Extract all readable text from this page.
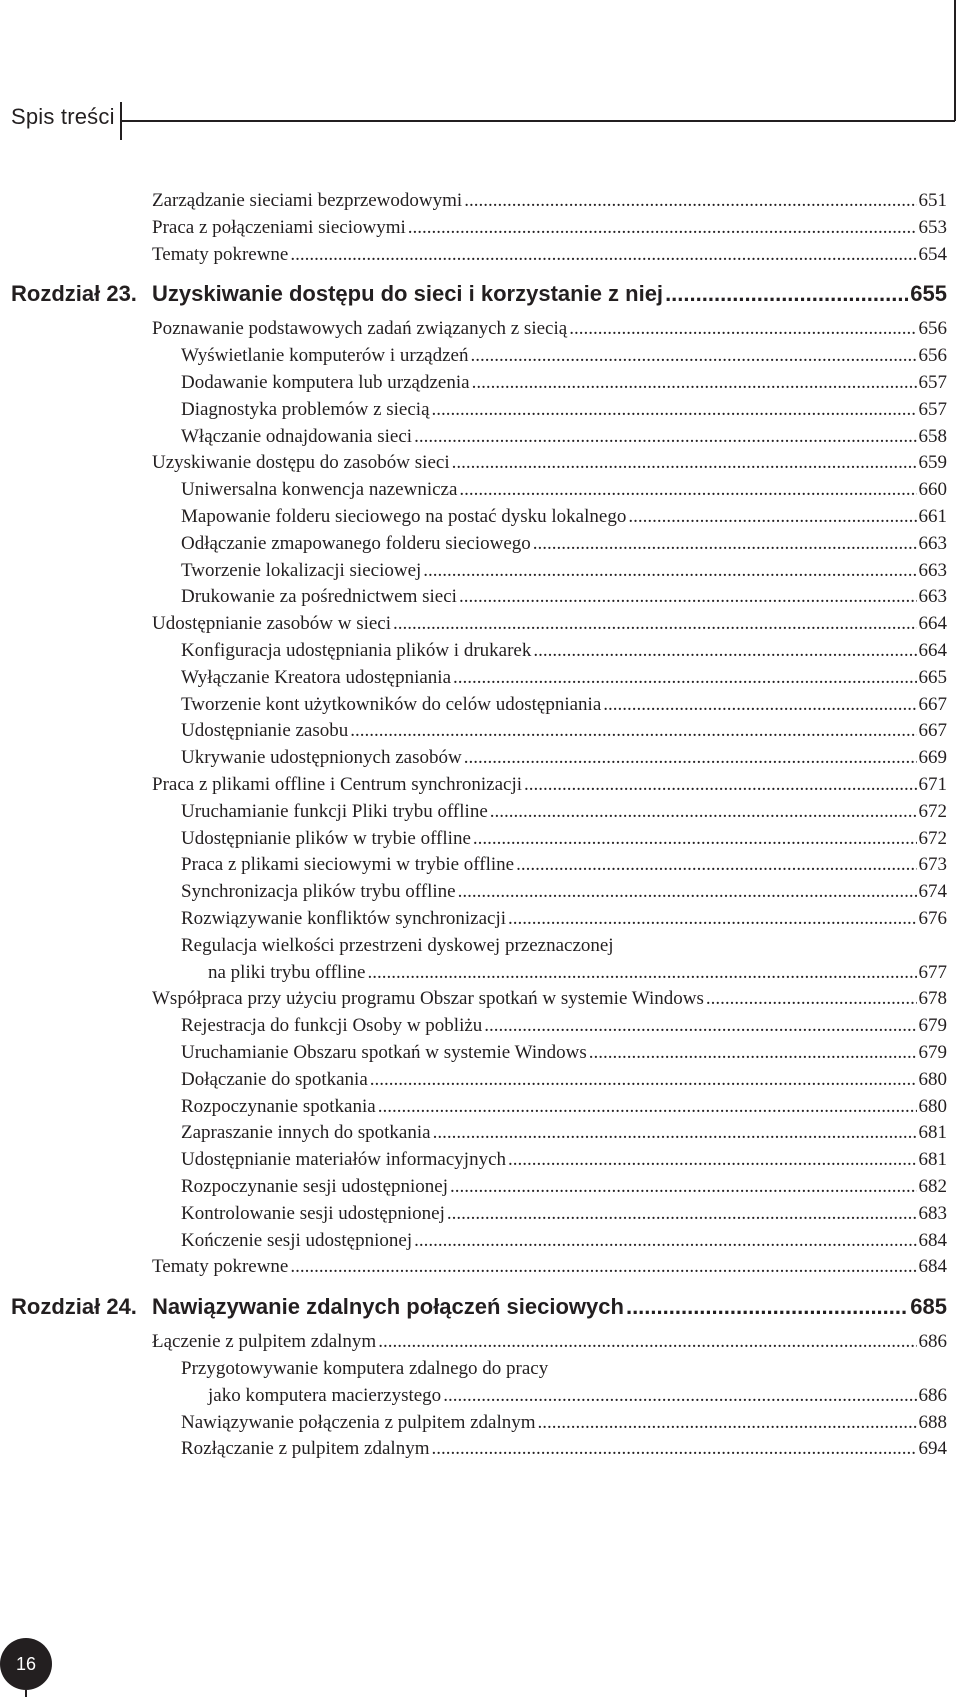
Spis treści
Zarządzanie sieciami bezprzewodowymi .....	651
Praca z połączeniami sieciowymi .....	653
Tematy pokrewne .....	654
Rozdział 23. Uzyskiwanie dostępu do sieci i korzystanie z niej .....	655
Poznawanie podstawowych zadań związanych z siecią .....	656
Wyświetlanie komputerów i urządzeń .....	656
Dodawanie komputera lub urządzenia .....	657
Diagnostyka problemów z siecią .....	657
Włączanie odnajdowania sieci .....	658
Uzyskiwanie dostępu do zasobów sieci .....	659
Uniwersalna konwencja nazewnicza .....	660
Mapowanie folderu sieciowego na postać dysku lokalnego .....	661
Odłączanie zmapowanego folderu sieciowego .....	663
Tworzenie lokalizacji sieciowej .....	663
Drukowanie za pośrednictwem sieci .....	663
Udostępnianie zasobów w sieci .....	664
Konfiguracja udostępniania plików i drukarek .....	664
Wyłączanie Kreatora udostępniania .....	665
Tworzenie kont użytkowników do celów udostępniania .....	667
Udostępnianie zasobu .....	667
Ukrywanie udostępnionych zasobów .....	669
Praca z plikami offline i Centrum synchronizacji .....	671
Uruchamianie funkcji Pliki trybu offline .....	672
Udostępnianie plików w trybie offline .....	672
Praca z plikami sieciowymi w trybie offline .....	673
Synchronizacja plików trybu offline .....	674
Rozwiązywanie konfliktów synchronizacji .....	676
Regulacja wielkości przestrzeni dyskowej przeznaczonej
na pliki trybu offline .....	677
Współpraca przy użyciu programu Obszar spotkań w systemie Windows .....	678
Rejestracja do funkcji Osoby w pobliżu .....	679
Uruchamianie Obszaru spotkań w systemie Windows .....	679
Dołączanie do spotkania .....	680
Rozpoczynanie spotkania .....	680
Zapraszanie innych do spotkania .....	681
Udostępnianie materiałów informacyjnych .....	681
Rozpoczynanie sesji udostępnionej .....	682
Kontrolowanie sesji udostępnionej .....	683
Kończenie sesji udostępnionej .....	684
Tematy pokrewne .....	684
Rozdział 24. Nawiązywanie zdalnych połączeń sieciowych .....	685
Łączenie z pulpitem zdalnym .....	686
Przygotowywanie komputera zdalnego do pracy
jako komputera macierzystego .....	686
Nawiązywanie połączenia z pulpitem zdalnym .....	688
Rozłączanie z pulpitem zdalnym .....	694
16
